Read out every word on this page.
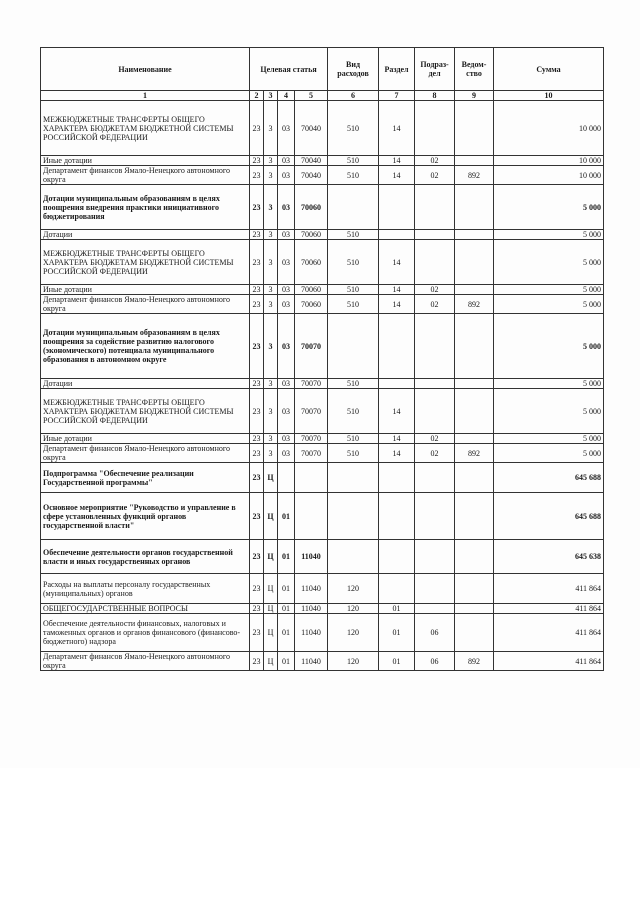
Наименование	Целевая статья				Вид расходов	Раздел	Подраз-дел	Ведом-ство	Сумма
1	2	3	4	5	6	7	8	9	10
МЕЖБЮДЖЕТНЫЕ ТРАНСФЕРТЫ ОБЩЕГО ХАРАКТЕРА БЮДЖЕТАМ БЮДЖЕТНОЙ СИСТЕМЫ РОССИЙСКОЙ ФЕДЕРАЦИИ	23	3	03	70040	510	14			10 000
Иные дотации	23	3	03	70040	510	14	02		10 000
Департамент финансов Ямало-Ненецкого автономного округа	23	3	03	70040	510	14	02	892	10 000
Дотации муниципальным образованиям в целях поощрения внедрения практики инициативного бюджетирования	23	3	03	70060					5 000
Дотации	23	3	03	70060	510				5 000
МЕЖБЮДЖЕТНЫЕ ТРАНСФЕРТЫ ОБЩЕГО ХАРАКТЕРА БЮДЖЕТАМ БЮДЖЕТНОЙ СИСТЕМЫ РОССИЙСКОЙ ФЕДЕРАЦИИ	23	3	03	70060	510	14			5 000
Иные дотации	23	3	03	70060	510	14	02		5 000
Департамент финансов Ямало-Ненецкого автономного округа	23	3	03	70060	510	14	02	892	5 000
Дотации муниципальным образованиям в целях поощрения за содействие развитию налогового (экономического) потенциала муниципального образования в автономном округе	23	3	03	70070					5 000
Дотации	23	3	03	70070	510				5 000
МЕЖБЮДЖЕТНЫЕ ТРАНСФЕРТЫ ОБЩЕГО ХАРАКТЕРА БЮДЖЕТАМ БЮДЖЕТНОЙ СИСТЕМЫ РОССИЙСКОЙ ФЕДЕРАЦИИ	23	3	03	70070	510	14			5 000
Иные дотации	23	3	03	70070	510	14	02		5 000
Департамент финансов Ямало-Ненецкого автономного округа	23	3	03	70070	510	14	02	892	5 000
Подпрограмма "Обеспечение реализации Государственной программы"	23	Ц							645 688
Основное мероприятие "Руководство и управление в сфере установленных функций органов государственной власти"	23	Ц	01						645 688
Обеспечение деятельности органов государственной власти и иных государственных органов	23	Ц	01	11040					645 638
Расходы на выплаты персоналу государственных (муниципальных) органов	23	Ц	01	11040	120				411 864
ОБЩЕГОСУДАРСТВЕННЫЕ ВОПРОСЫ	23	Ц	01	11040	120	01			411 864
Обеспечение деятельности финансовых, налоговых и таможенных органов и органов финансового (финансово-бюджетного) надзора	23	Ц	01	11040	120	01	06		411 864
Департамент финансов Ямало-Ненецкого автономного округа	23	Ц	01	11040	120	01	06	892	411 864
